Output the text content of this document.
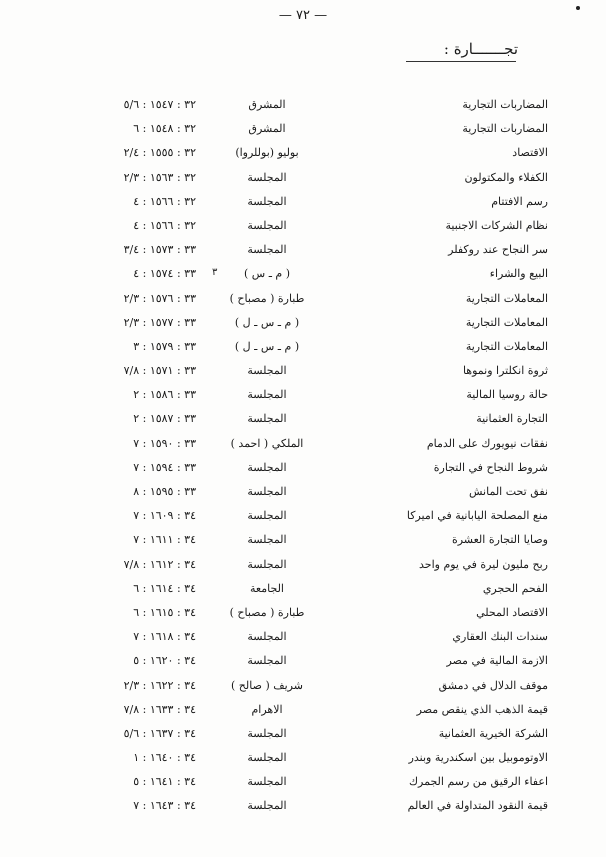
— ٧٢ —
تجـــــــارة :
المضاربات التجارية
المشرق
٣٢ : ١٥٤٧ : ٥/٦
المضاربات التجارية
المشرق
٣٢ : ١٥٤٨ : ٦
الاقتصاد
بوليو (بوللروا)
٣٢ : ١٥٥٥ : ٢/٤
الكفلاء والمكتولون
المجلسة
٣٢ : ١٥٦٣ : ٢/٣
رسم الافتتام
المجلسة
٣٢ : ١٥٦٦ : ٤
نظام الشركات الاجنبية
المجلسة
٣٢ : ١٥٦٦ : ٤
سر النجاح عند روكفلر
المجلسة
٣٣ : ١٥٧٣ : ٣/٤
البيع والشراء
( م ـ س )
٣٣ : ١٥٧٤ : ٤ ٣
المعاملات التجارية
طبارة ( مصباح )
٣٣ : ١٥٧٦ : ٢/٣
المعاملات التجارية
( م ـ س ـ ل )
٣٣ : ١٥٧٧ : ٢/٣
المعاملات التجارية
( م ـ س ـ ل )
٣٣ : ١٥٧٩ : ٣
ثروة انكلترا ونموها
المجلسة
٣٣ : ١٥٧١ : ٧/٨
حالة روسيا المالية
المجلسة
٣٣ : ١٥٨٦ : ٢
التجارة العثمانية
المجلسة
٣٣ : ١٥٨٧ : ٢
نفقات نيويورك على الدمام
الملكي ( احمد )
٣٣ : ١٥٩٠ : ٧
شروط النجاح في التجارة
المجلسة
٣٣ : ١٥٩٤ : ٧
نفق تحت المانش
المجلسة
٣٣ : ١٥٩٥ : ٨
منع المصلحة اليابانية في اميركا
المجلسة
٣٤ : ١٦٠٩ : ٧
وصايا التجارة العشرة
المجلسة
٣٤ : ١٦١١ : ٧
ربح مليون ليرة في يوم واحد
المجلسة
٣٤ : ١٦١٢ : ٧/٨
الفحم الحجري
الجامعة
٣٤ : ١٦١٤ : ٦
الاقتصاد المحلي
طبارة ( مصباح )
٣٤ : ١٦١٥ : ٦
سندات البنك العقاري
المجلسة
٣٤ : ١٦١٨ : ٧
الازمة المالية في مصر
المجلسة
٣٤ : ١٦٢٠ : ٥
موقف الدلال في دمشق
شريف ( صالح )
٣٤ : ١٦٢٢ : ٢/٣
قيمة الذهب الذي ينقص مصر
الاهرام
٣٤ : ١٦٣٣ : ٧/٨
الشركة الخيرية العثمانية
المجلسة
٣٤ : ١٦٣٧ : ٥/٦
الاوتوموبيل بين اسكندرية وبندر
المجلسة
٣٤ : ١٦٤٠ : ١
اعفاء الرقيق من رسم الجمرك
المجلسة
٣٤ : ١٦٤١ : ٥
قيمة النقود المتداولة في العالم
المجلسة
٣٤ : ١٦٤٣ : ٧
